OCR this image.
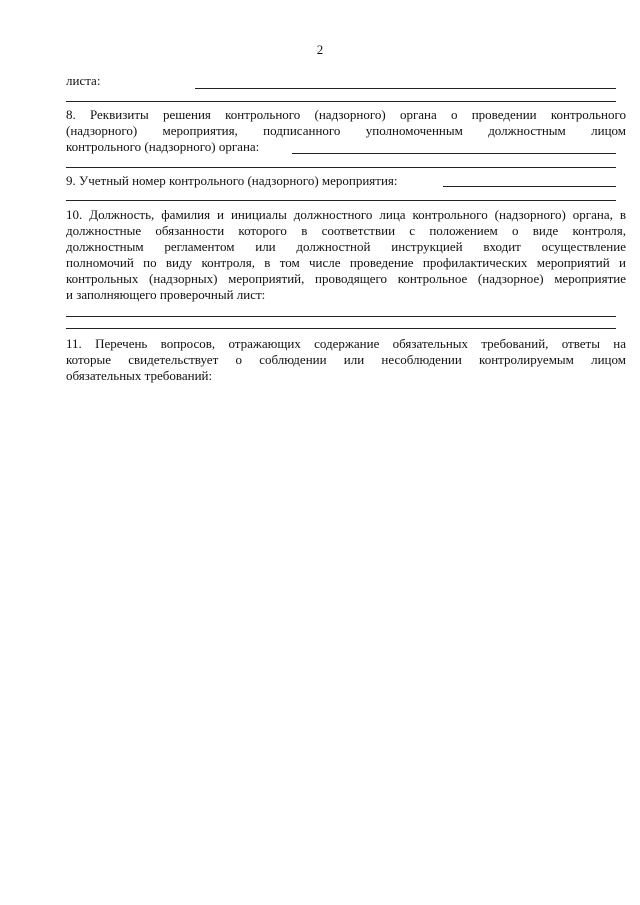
2
листа:
8. Реквизиты решения контрольного (надзорного) органа о проведении контрольного
(надзорного) мероприятия, подписанного уполномоченным должностным лицом
контрольного (надзорного) органа:
9. Учетный номер контрольного (надзорного) мероприятия:
10. Должность, фамилия и инициалы должностного лица контрольного (надзорного) органа, в
должностные обязанности которого в соответствии с положением о виде контроля,
должностным регламентом или должностной инструкцией входит осуществление
полномочий по виду контроля, в том числе проведение профилактических мероприятий и
контрольных (надзорных) мероприятий, проводящего контрольное (надзорное) мероприятие
и заполняющего проверочный лист:
11. Перечень вопросов, отражающих содержание обязательных требований, ответы на
которые свидетельствует о соблюдении или несоблюдении контролируемым лицом
обязательных требований:
